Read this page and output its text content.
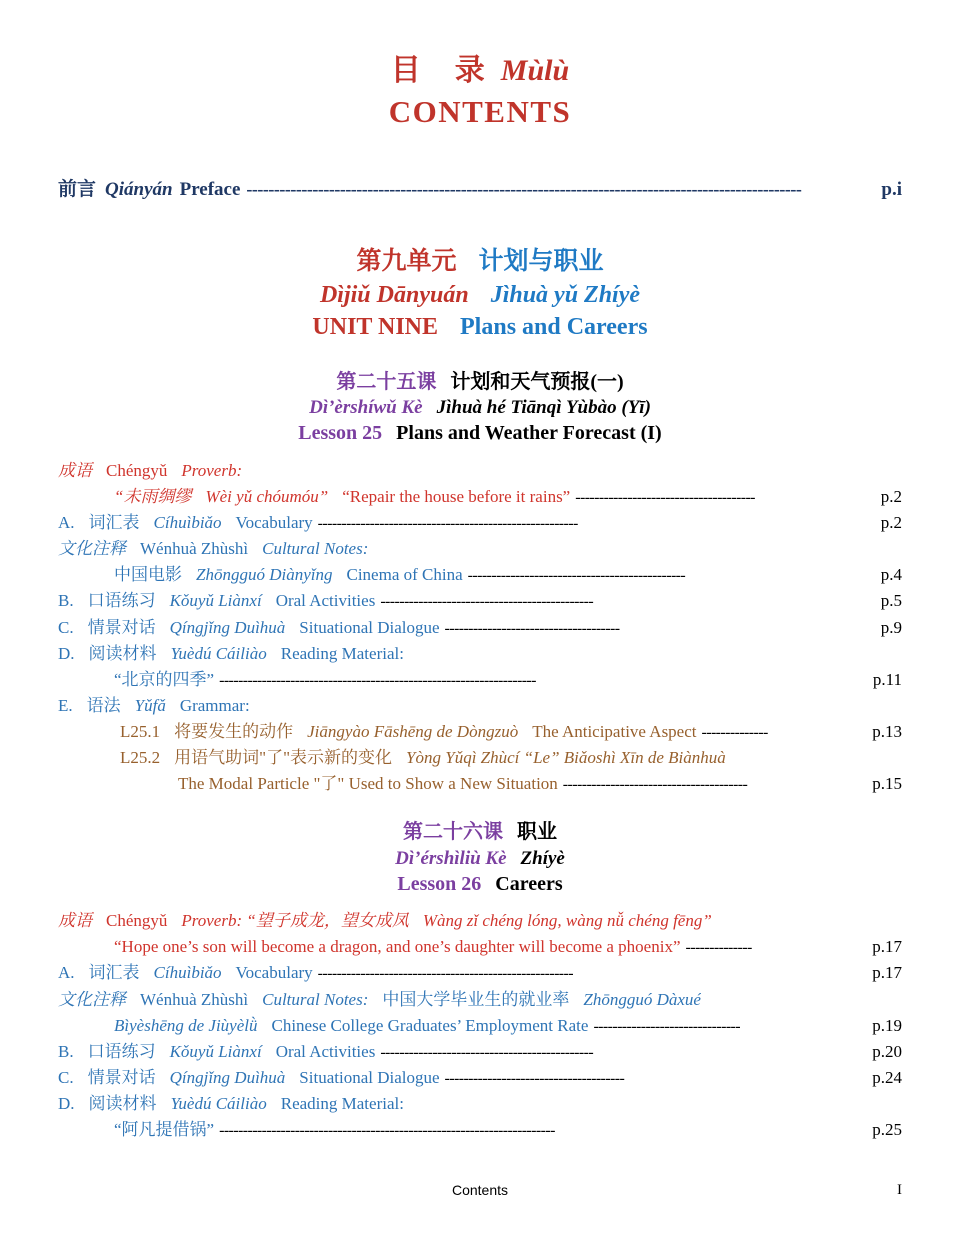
目　录 Mùlù
CONTENTS
前言 Qiányán Preface -----------------------------------------------------------------------------------------------------	p.i
第九单元 计划与职业
Dìjiǔ Dānyuán Jìhuà yǔ Zhíyè
UNIT NINE Plans and Careers
第二十五课 计划和天气预报(一)
Dì’èrshíwǔ Kè Jìhuà hé Tiānqì Yùbào (Yī)
Lesson 25 Plans and Weather Forecast (I)
成语 Chéngyǔ Proverb:
“未雨绸缪 Wèi yǔ chóumóu” “Repair the house before it rains” --------------------------------------	p.2
A. 词汇表 Cíhuìbiǎo Vocabulary -------------------------------------------------------	p.2
文化注释 Wénhuà Zhùshì Cultural Notes:
中国电影 Zhōngguó Diànyǐng Cinema of China ----------------------------------------------	p.4
B. 口语练习 Kǒuyǔ Liànxí Oral Activities ---------------------------------------------	p.5
C. 情景对话 Qíngjǐng Duìhuà Situational Dialogue -------------------------------------	p.9
D. 阅读材料 Yuèdú Cáiliào Reading Material:
“北京的四季” -------------------------------------------------------------------	p.11
E. 语法 Yǔfǎ Grammar:
L25.1 将要发生的动作 Jiāngyào Fāshēng de Dòngzuò The Anticipative Aspect --------------	p.13
L25.2 用语气助词"了"表示新的变化 Yòng Yǔqì Zhùcí “Le” Biǎoshì Xīn de Biànhuà
The Modal Particle "了" Used to Show a New Situation ---------------------------------------	p.15
第二十六课 职业
Dì’érshìliù Kè Zhíyè
Lesson 26 Careers
成语 Chéngyǔ Proverb: “望子成龙，望女成凤 Wàng zǐ chéng lóng, wàng nǚ chéng fēng”
“Hope one’s son will become a dragon, and one’s daughter will become a phoenix” --------------	p.17
A. 词汇表 Cíhuìbiǎo Vocabulary ------------------------------------------------------	p.17
文化注释 Wénhuà Zhùshì Cultural Notes: 中国大学毕业生的就业率 Zhōngguó Dàxué
Bìyèshēng de Jiùyèlǜ Chinese College Graduates’ Employment Rate -------------------------------	p.19
B. 口语练习 Kǒuyǔ Liànxí Oral Activities ---------------------------------------------	p.20
C. 情景对话 Qíngjǐng Duìhuà Situational Dialogue --------------------------------------	p.24
D. 阅读材料 Yuèdú Cáiliào Reading Material:
“阿凡提借锅” -----------------------------------------------------------------------	p.25
Contents	I
